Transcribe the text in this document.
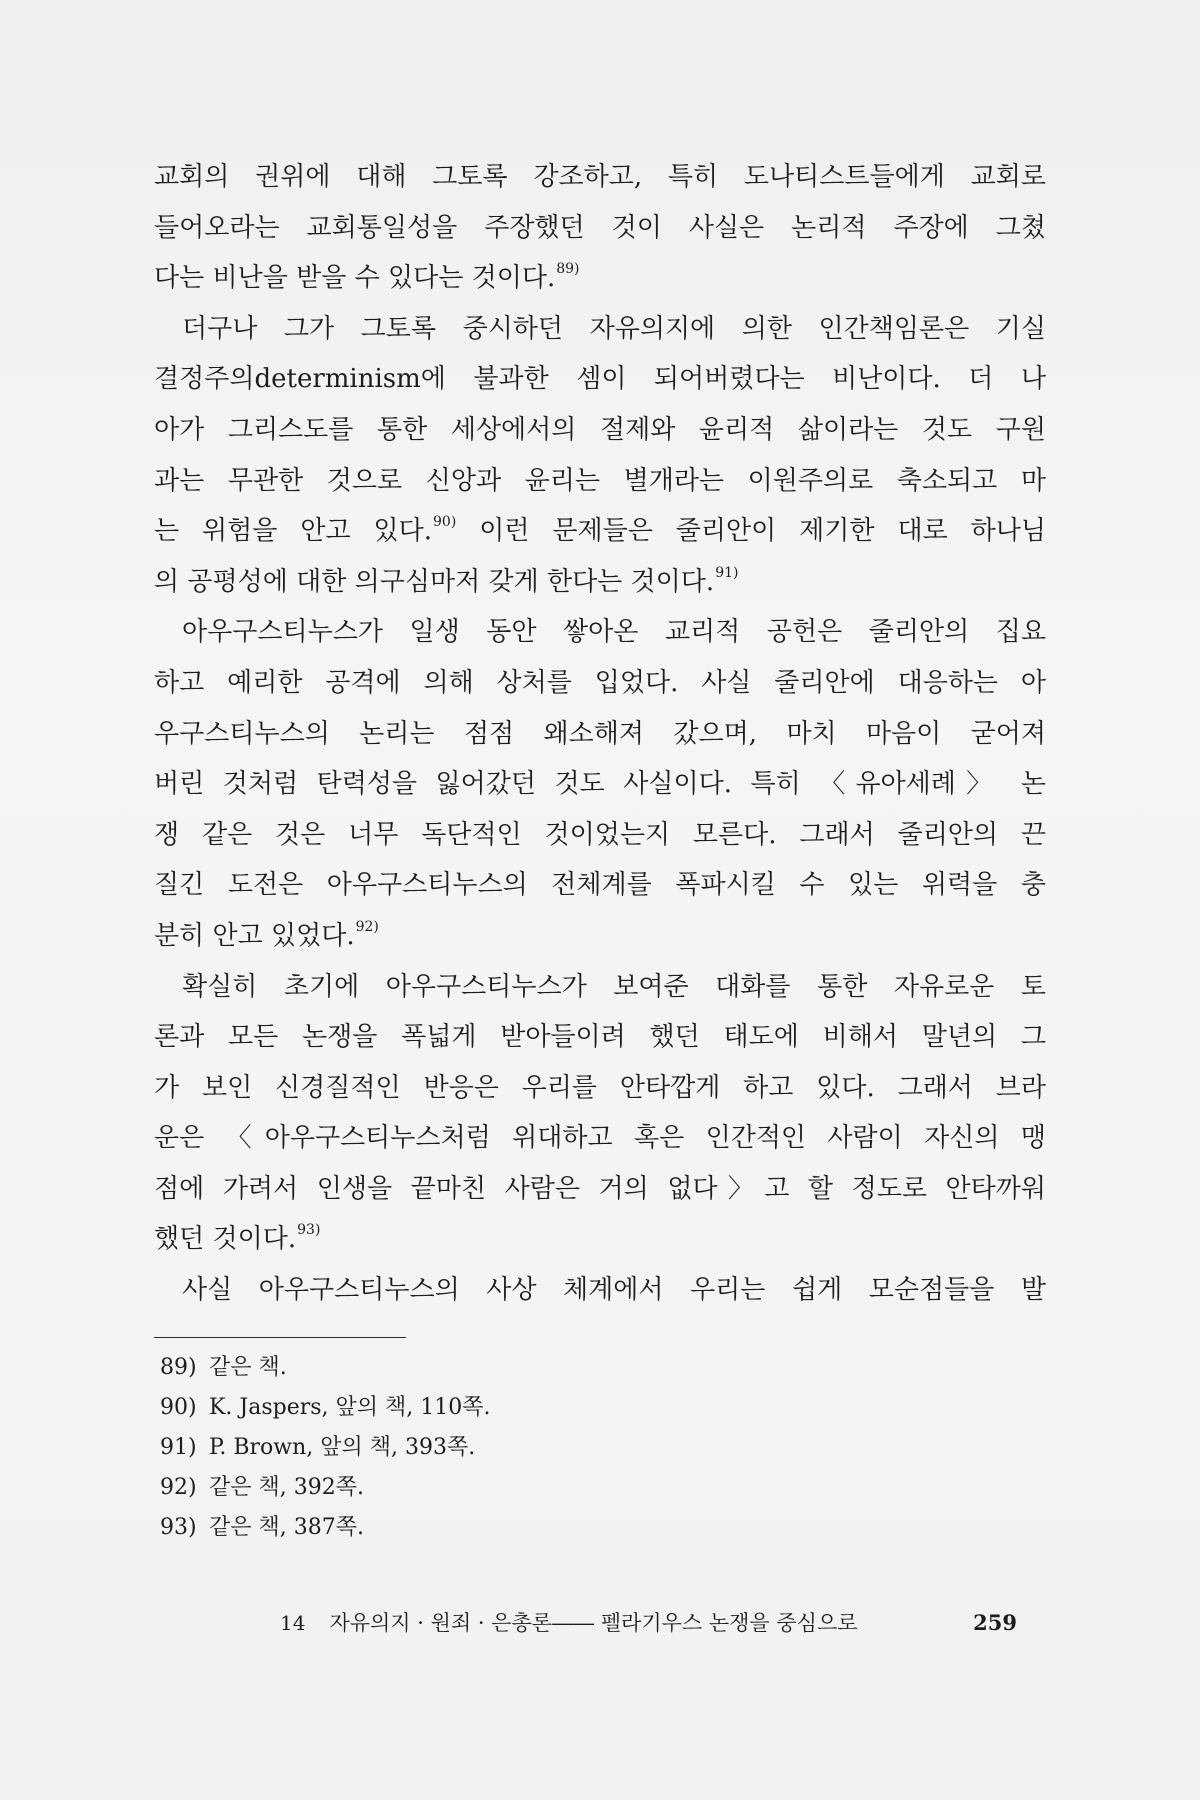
교회의 권위에 대해 그토록 강조하고, 특히 도나티스트들에게 교회로
들어오라는 교회통일성을 주장했던 것이 사실은 논리적 주장에 그쳤
다는 비난을 받을 수 있다는 것이다.$^{89)}$
더구나 그가 그토록 중시하던 자유의지에 의한 인간책임론은 기실
결정주의determinism에 불과한 셈이 되어버렸다는 비난이다. 더 나
아가 그리스도를 통한 세상에서의 절제와 윤리적 삶이라는 것도 구원
과는 무관한 것으로 신앙과 윤리는 별개라는 이원주의로 축소되고 마
는 위험을 안고 있다.$^{90)}$ 이런 문제들은 줄리안이 제기한 대로 하나님
의 공평성에 대한 의구심마저 갖게 한다는 것이다.$^{91)}$
아우구스티누스가 일생 동안 쌓아온 교리적 공헌은 줄리안의 집요
하고 예리한 공격에 의해 상처를 입었다. 사실 줄리안에 대응하는 아
우구스티누스의 논리는 점점 왜소해져 갔으며, 마치 마음이 굳어져
버린 것처럼 탄력성을 잃어갔던 것도 사실이다. 특히 〈유아세례〉 논
쟁 같은 것은 너무 독단적인 것이었는지 모른다. 그래서 줄리안의 끈
질긴 도전은 아우구스티누스의 전체계를 폭파시킬 수 있는 위력을 충
분히 안고 있었다.$^{92)}$
확실히 초기에 아우구스티누스가 보여준 대화를 통한 자유로운 토
론과 모든 논쟁을 폭넓게 받아들이려 했던 태도에 비해서 말년의 그
가 보인 신경질적인 반응은 우리를 안타깝게 하고 있다. 그래서 브라
운은 〈아우구스티누스처럼 위대하고 혹은 인간적인 사람이 자신의 맹
점에 가려서 인생을 끝마친 사람은 거의 없다〉고 할 정도로 안타까워
했던 것이다.$^{93)}$
사실 아우구스티누스의 사상 체계에서 우리는 쉽게 모순점들을 발
89) 같은 책.
90) K. Jaspers, 앞의 책, 110쪽.
91) P. Brown, 앞의 책, 393쪽.
92) 같은 책, 392쪽.
93) 같은 책, 387쪽.
14 자유의지 · 원죄 · 은총론―― 펠라기우스 논쟁을 중심으로	259
